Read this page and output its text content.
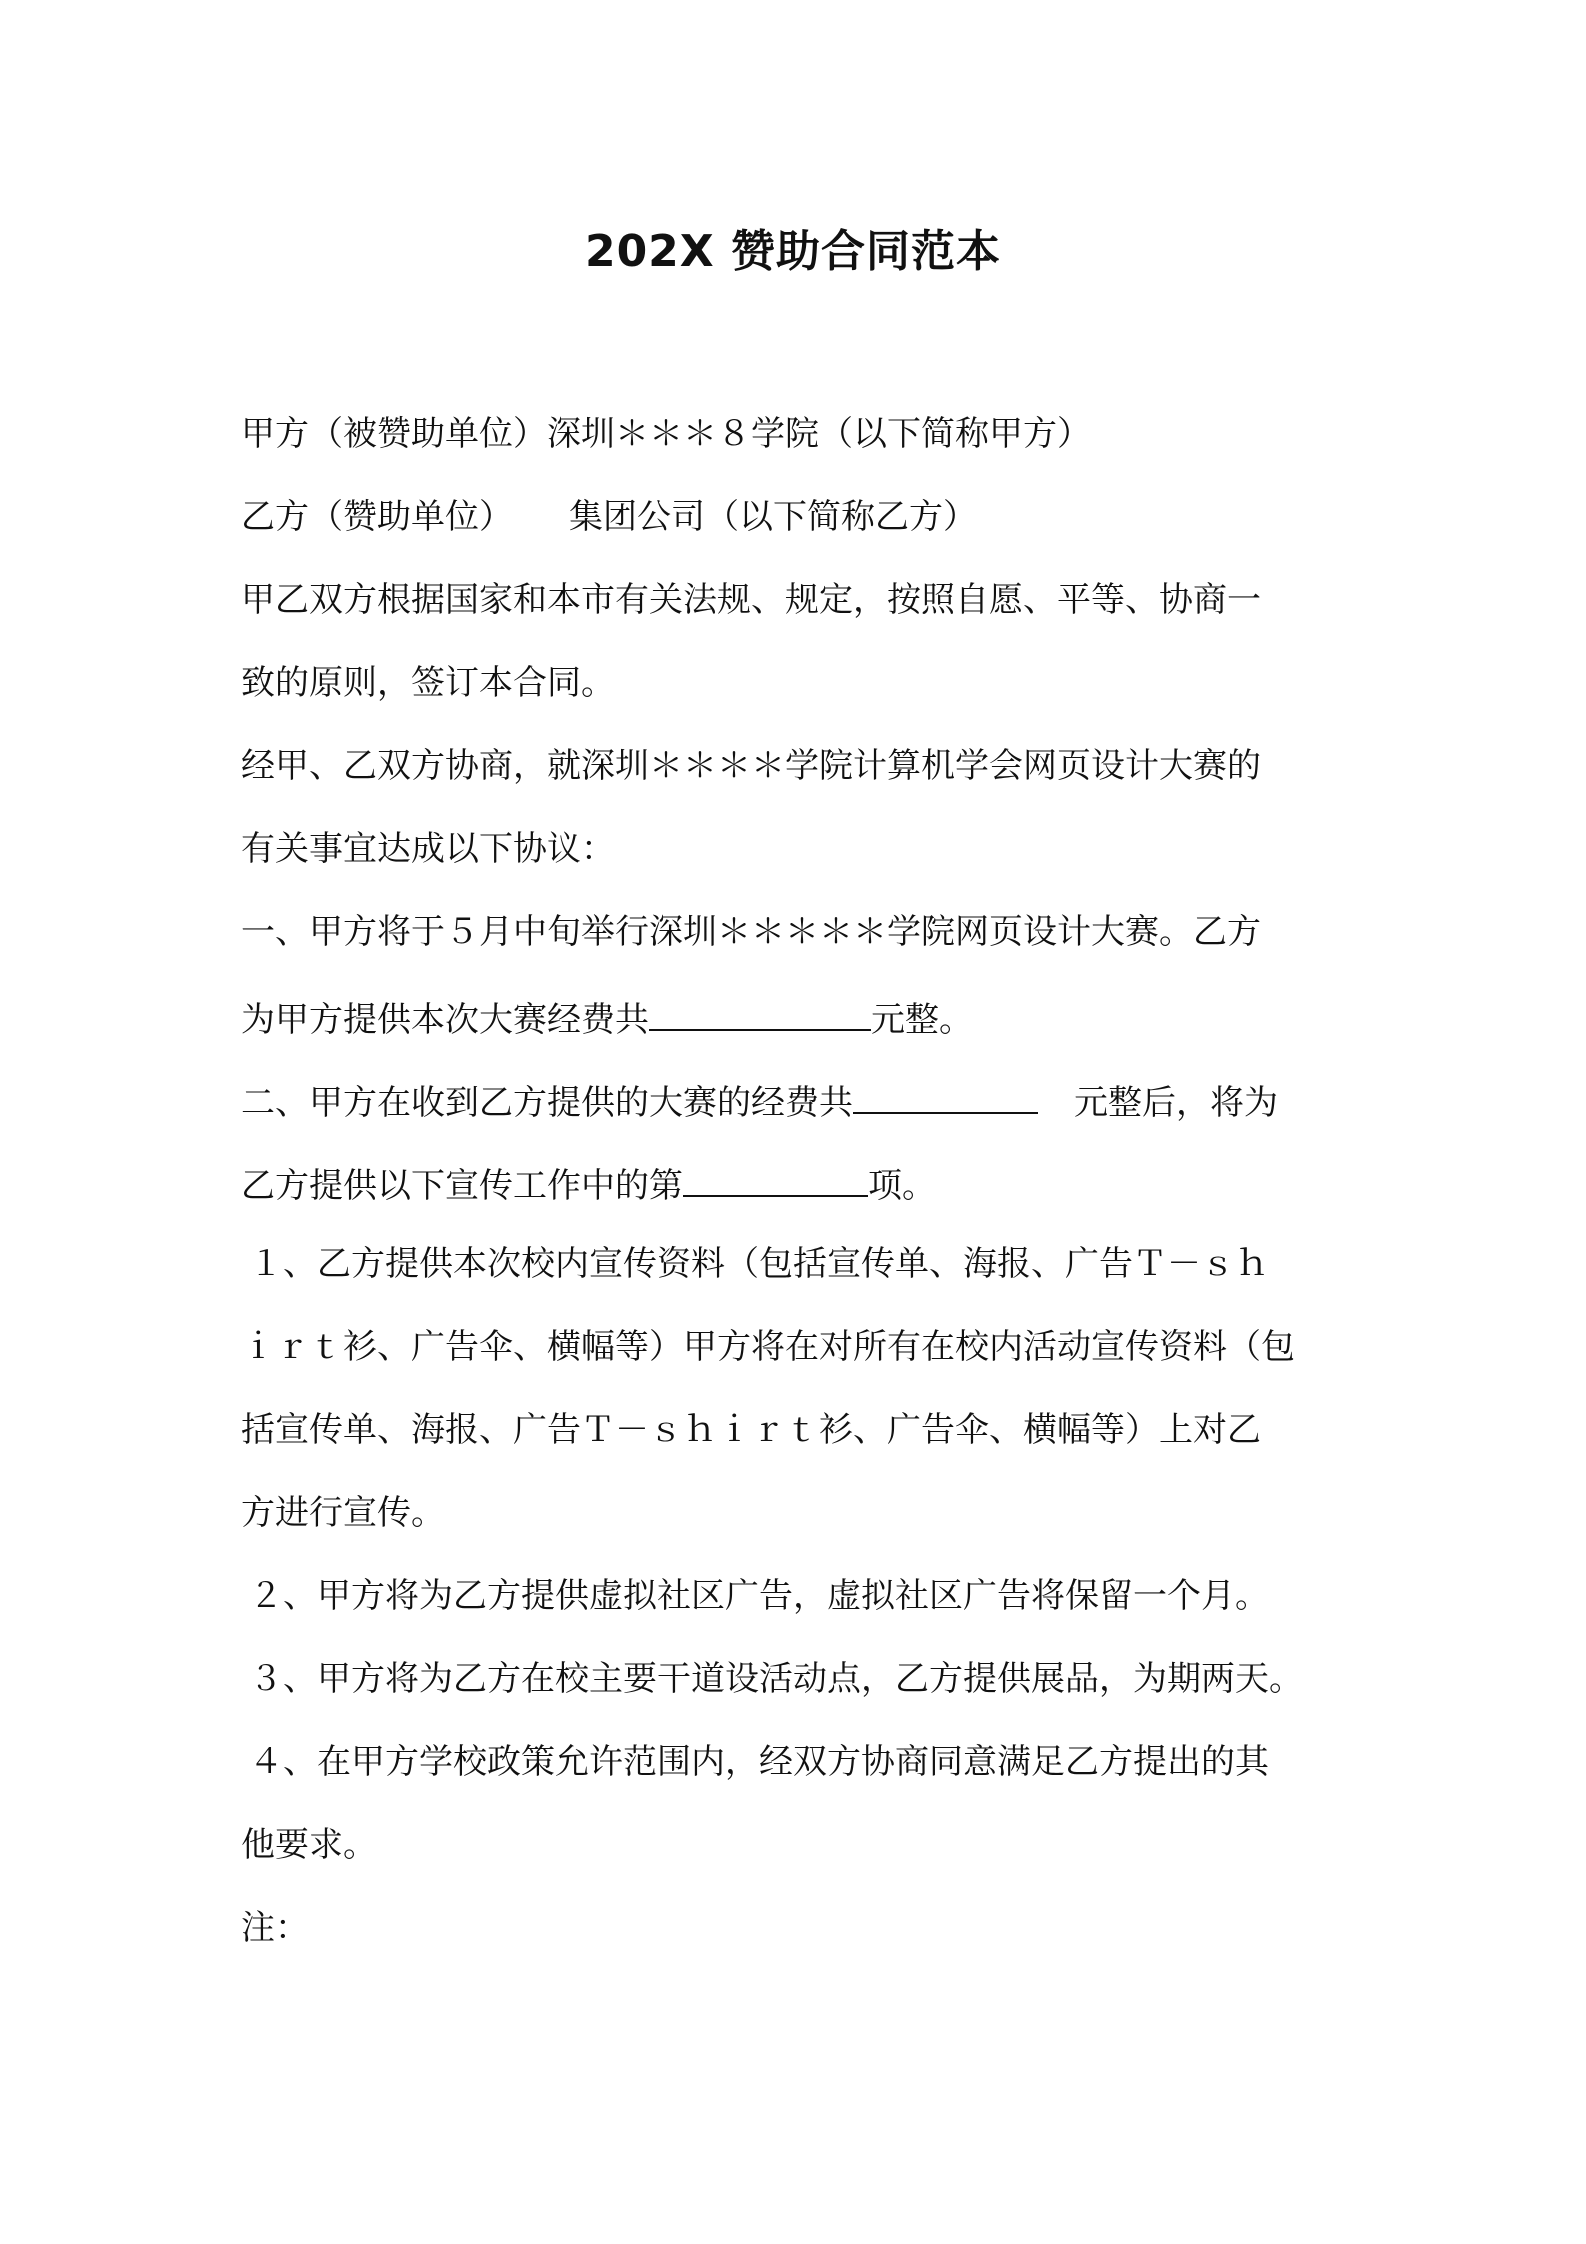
202X 赞助合同范本
甲方（被赞助单位）深圳＊＊＊８学院（以下简称甲方）
乙方（赞助单位） 集团公司（以下简称乙方）
甲乙双方根据国家和本市有关法规、规定，按照自愿、平等、协商一
致的原则，签订本合同。
经甲、乙双方协商，就深圳＊＊＊＊学院计算机学会网页设计大赛的
有关事宜达成以下协议：
一、甲方将于５月中旬举行深圳＊＊＊＊＊学院网页设计大赛。乙方
为甲方提供本次大赛经费共	元整。
二、甲方在收到乙方提供的大赛的经费共	元整后，将为
乙方提供以下宣传工作中的第	项。
１、乙方提供本次校内宣传资料（包括宣传单、海报、广告Ｔ－ｓｈ
ｉｒｔ衫、广告伞、横幅等）甲方将在对所有在校内活动宣传资料（包
括宣传单、海报、广告Ｔ－ｓｈｉｒｔ衫、广告伞、横幅等）上对乙
方进行宣传。
２、甲方将为乙方提供虚拟社区广告，虚拟社区广告将保留一个月。
３、甲方将为乙方在校主要干道设活动点，乙方提供展品，为期两天。
４、在甲方学校政策允许范围内，经双方协商同意满足乙方提出的其
他要求。
注：
